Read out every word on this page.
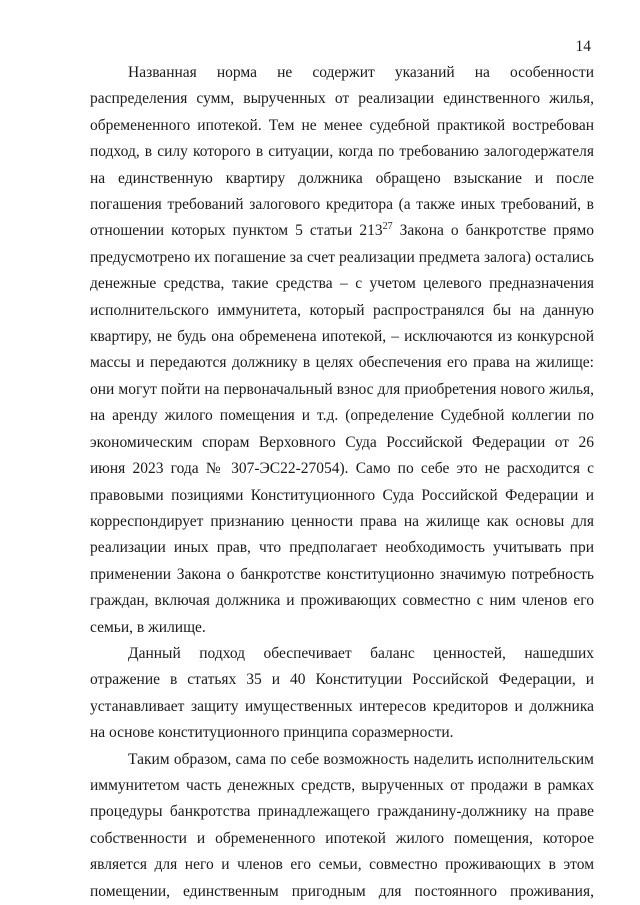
14

Названная норма не содержит указаний на особенности распределения сумм, вырученных от реализации единственного жилья, обремененного ипотекой. Тем не менее судебной практикой востребован подход, в силу которого в ситуации, когда по требованию залогодержателя на единственную квартиру должника обращено взыскание и после погашения требований залогового кредитора (а также иных требований, в отношении которых пунктом 5 статьи $213^{27}$ Закона о банкротстве прямо предусмотрено их погашение за счет реализации предмета залога) остались денежные средства, такие средства – с учетом целевого предназначения исполнительского иммунитета, который распространялся бы на данную квартиру, не будь она обременена ипотекой, – исключаются из конкурсной массы и передаются должнику в целях обеспечения его права на жилище: они могут пойти на первоначальный взнос для приобретения нового жилья, на аренду жилого помещения и т.д. (определение Судебной коллегии по экономическим спорам Верховного Суда Российской Федерации от 26 июня 2023 года № 307-ЭС22-27054). Само по себе это не расходится с правовыми позициями Конституционного Суда Российской Федерации и корреспондирует признанию ценности права на жилище как основы для реализации иных прав, что предполагает необходимость учитывать при применении Закона о банкротстве конституционно значимую потребность граждан, включая должника и проживающих совместно с ним членов его семьи, в жилище.

Данный подход обеспечивает баланс ценностей, нашедших отражение в статьях 35 и 40 Конституции Российской Федерации, и устанавливает защиту имущественных интересов кредиторов и должника на основе конституционного принципа соразмерности.

Таким образом, сама по себе возможность наделить исполнительским иммунитетом часть денежных средств, вырученных от продажи в рамках процедуры банкротства принадлежащего гражданину-должнику на праве собственности и обремененного ипотекой жилого помещения, которое является для него и членов его семьи, совместно проживающих в этом помещении, единственным пригодным для постоянного проживания,
